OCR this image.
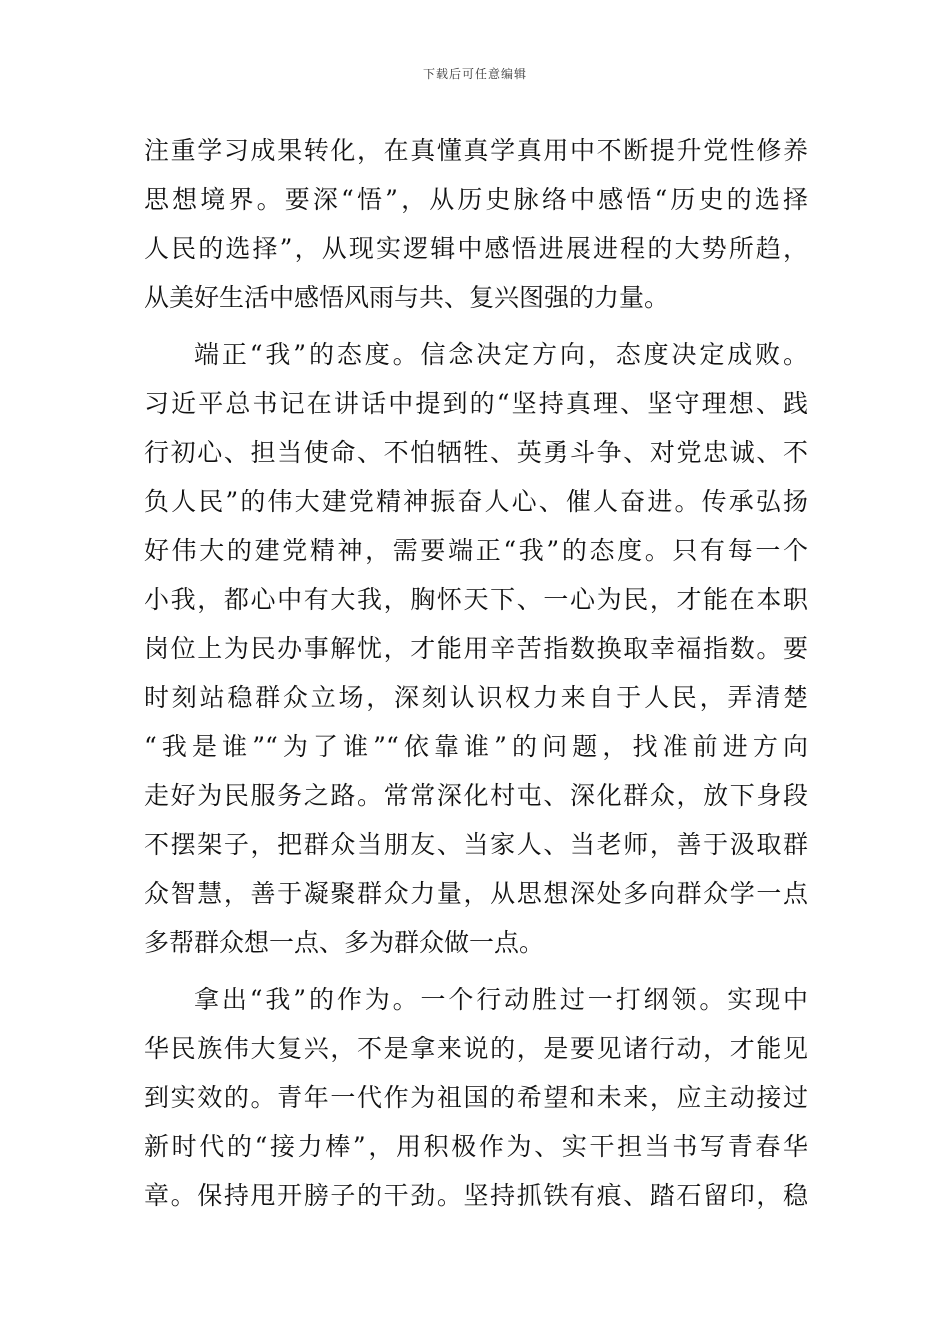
下载后可任意编辑
注重学习成果转化，在真懂真学真用中不断提升党性修养
思想境界。要深“悟”，从历史脉络中感悟“历史的选择
人民的选择”，从现实逻辑中感悟进展进程的大势所趋，
从美好生活中感悟风雨与共、复兴图强的力量。
端正“我”的态度。信念决定方向，态度决定成败。
习近平总书记在讲话中提到的“坚持真理、坚守理想、践
行初心、担当使命、不怕牺牲、英勇斗争、对党忠诚、不
负人民”的伟大建党精神振奋人心、催人奋进。传承弘扬
好伟大的建党精神，需要端正“我”的态度。只有每一个
小我，都心中有大我，胸怀天下、一心为民，才能在本职
岗位上为民办事解忧，才能用辛苦指数换取幸福指数。要
时刻站稳群众立场，深刻认识权力来自于人民，弄清楚
“我是谁”“为了谁”“依靠谁”的问题，找准前进方向
走好为民服务之路。常常深化村屯、深化群众，放下身段
不摆架子，把群众当朋友、当家人、当老师，善于汲取群
众智慧，善于凝聚群众力量，从思想深处多向群众学一点
多帮群众想一点、多为群众做一点。
拿出“我”的作为。一个行动胜过一打纲领。实现中
华民族伟大复兴，不是拿来说的，是要见诸行动，才能见
到实效的。青年一代作为祖国的希望和未来，应主动接过
新时代的“接力棒”，用积极作为、实干担当书写青春华
章。保持甩开膀子的干劲。坚持抓铁有痕、踏石留印，稳
